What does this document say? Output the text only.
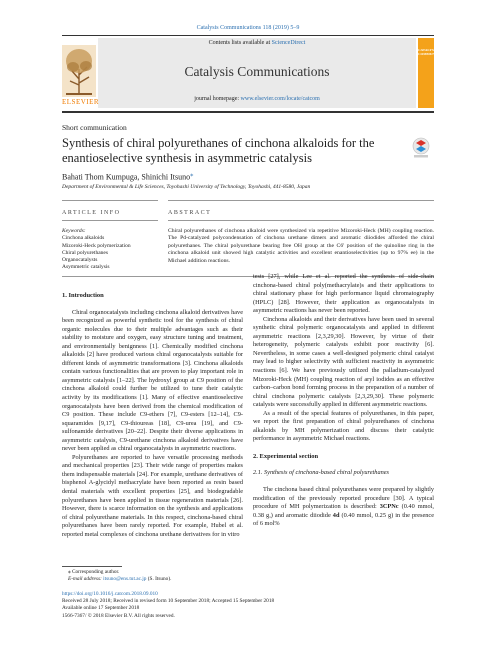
Catalysis Communications 118 (2019) 5–9
Contents lists available at ScienceDirect
Catalysis Communications
journal homepage: www.elsevier.com/locate/catcom
ELSEVIER
CATALYSIS COMMUNICATIONS
Short communication
Synthesis of chiral polyurethanes of cinchona alkaloids for the enantioselective synthesis in asymmetric catalysis
Bahati Thom Kumpuga, Shinichi Itsuno⁎
Department of Environmental & Life Sciences, Toyohashi University of Technology, Toyohashi, 441-8580, Japan
ARTICLE INFO
Keywords:
Cinchona alkaloids
Mizoroki-Heck polymerization
Chiral polyurethanes
Organocatalysts
Asymmetric catalysis
ABSTRACT
Chiral polyurethanes of cinchona alkaloid were synthesized via repetitive Mizoroki-Heck (MH) coupling reaction. The Pd-catalyzed polycondensation of cinchona urethane dimers and aromatic diiodides afforded the chiral polyurethanes. The chiral polyurethane bearing free OH group at the C6' position of the quinoline ring in the cinchona alkaloid unit showed high catalytic activities and excellent enantioselectivities (up to 97% ee) in the Michael addition reactions.

1. Introduction

Chiral organocatalysts including cinchona alkaloid derivatives have been recognized as powerful synthetic tool for the synthesis of chiral organic molecules due to their multiple advantages such as their stability to moisture and oxygen, easy structure tuning and treatment, and environmentally benignness [1]. Chemically modified cinchona alkaloids [2] have produced various chiral organocatalysts suitable for different kinds of asymmetric transformations [3]. Cinchona alkaloids contain various functionalities that are proven to play important role in asymmetric catalysis [1–22]. The hydroxyl group at C9 position of the cinchona alkaloid could further be utilized to tune their catalytic activity by its modifications [1]. Many of effective enantioselective organocatalysts have been derived from the chemical modification of C9 position. These include C9-ethers [7], C9-esters [12–14], C9-squaramides [9,17], C9-thioureas [18], C9-urea [19], and C9-sulfonamide derivatives [20–22]. Despite their diverse applications in asymmetric catalysis, C9-urethane cinchona alkaloid derivatives have never been applied as chiral organocatalysts in asymmetric reactions.

Polyurethanes are reported to have versatile processing methods and mechanical properties [23]. Their wide range of properties makes them indispensable materials [24]. For example, urethane derivatives of bisphenol A-glycidyl methacrylate have been reported as resin based dental materials with excellent properties [25], and biodegradable polyurethanes have been applied in tissue regeneration materials [26]. However, there is scarce information on the synthesis and applications of chiral polyurethane materials. In this respect, cinchona-based chiral polyurethanes have been rarely reported. For example, Hubel et al. reported metal complexes of cinchona urethane derivatives for in vitro

tests [27], while Lee et al. reported the synthesis of side-chain cinchona-based chiral poly(methacrylate)s and their applications to chiral stationary phase for high performance liquid chromatography (HPLC) [28]. However, their application as organocatalysts in asymmetric reactions has never been reported.

Cinchona alkaloids and their derivatives have been used in several synthetic chiral polymeric organocatalysts and applied in different asymmetric reactions [2,3,29,30]. However, by virtue of their heterogeneity, polymeric catalysts exhibit poor reactivity [6]. Nevertheless, in some cases a well-designed polymeric chiral catalyst may lead to higher selectivity with sufficient reactivity in asymmetric reactions [6]. We have previously utilized the palladium-catalyzed Mizoroki-Heck (MH) coupling reaction of aryl iodides as an effective carbon–carbon bond forming process in the preparation of a number of chiral cinchona polymeric catalysts [2,3,29,30]. These polymeric catalysts were successfully applied in different asymmetric reactions.

As a result of the special features of polyurethanes, in this paper, we report the first preparation of chiral polyurethanes of cinchona alkaloids by MH polymerization and discuss their catalytic performance in asymmetric Michael reactions.

2. Experimental section

2.1. Synthesis of cinchona-based chiral polyurethanes

The cinchona based chiral polyurethanes were prepared by slightly modification of the previously reported procedure [30]. A typical procedure of MH polymerization is described: 3CPNc (0.40 mmol, 0.38 g,) and aromatic diiodide 4d (0.40 mmol, 0.25 g) in the presence of 6 mol%

⁎ Corresponding author.
E-mail address: itsuno@ens.tut.ac.jp (S. Itsuno).
https://doi.org/10.1016/j.catcom.2018.09.010
Received 28 July 2018; Received in revised form 10 September 2018; Accepted 15 September 2018
Available online 17 September 2018
1566-7367/ © 2018 Elsevier B.V. All rights reserved.
